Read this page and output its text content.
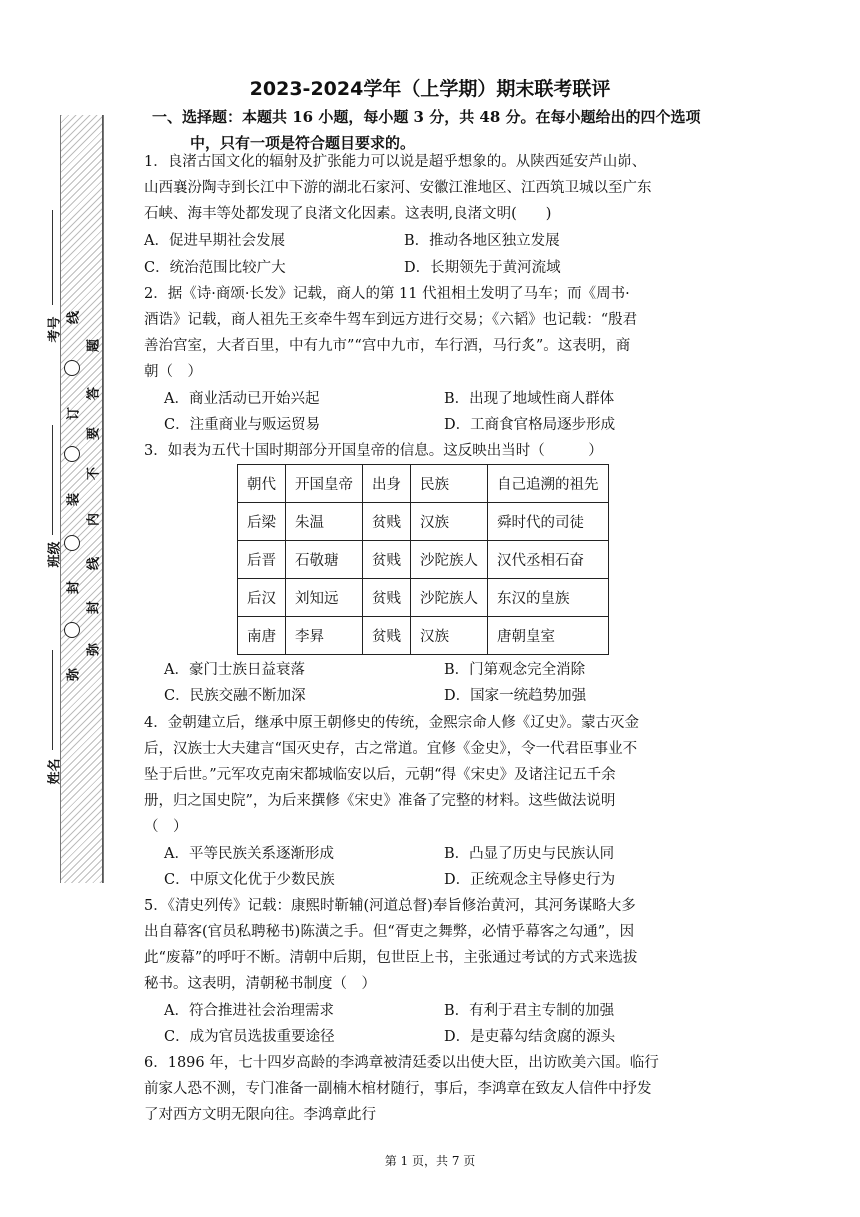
2023-2024学年（上学期）期末联考联评
一、选择题：本题共 16 小题，每小题 3 分，共 48 分。在每小题给出的四个选项
中，只有一项是符合题目要求的。
考号
班级
姓名
线
订
装
封
弥
题
答
要
不
内
线
封
弥
1．良渚古国文化的辐射及扩张能力可以说是超乎想象的。从陕西延安芦山峁、
山西襄汾陶寺到长江中下游的湖北石家河、安徽江淮地区、江西筑卫城以至广东
石峡、海丰等处都发现了良渚文化因素。这表明,良渚文明(　　)
A．促进早期社会发展	B．推动各地区独立发展
C．统治范围比较广大	D．长期领先于黄河流域
2．据《诗·商颂·长发》记载，商人的第 11 代祖相土发明了马车；而《周书·
酒诰》记载，商人祖先王亥牵牛驾车到远方进行交易；《六韬》也记载：“殷君
善治宫室，大者百里，中有九市”“宫中九市，车行酒，马行炙”。这表明，商
朝（　）
A．商业活动已开始兴起	B．出现了地域性商人群体
C．注重商业与贩运贸易	D．工商食官格局逐步形成
3．如表为五代十国时期部分开国皇帝的信息。这反映出当时（　　　）
朝代	开国皇帝	出身	民族	自己追溯的祖先
后梁	朱温	贫贱	汉族	舜时代的司徒
后晋	石敬瑭	贫贱	沙陀族人	汉代丞相石奋
后汉	刘知远	贫贱	沙陀族人	东汉的皇族
南唐	李昪	贫贱	汉族	唐朝皇室
A．豪门士族日益衰落	B．门第观念完全消除
C．民族交融不断加深	D．国家一统趋势加强
4．金朝建立后，继承中原王朝修史的传统，金熙宗命人修《辽史》。蒙古灭金
后，汉族士大夫建言“国灭史存，古之常道。宜修《金史》，令一代君臣事业不
坠于后世。”元军攻克南宋都城临安以后，元朝“得《宋史》及诸注记五千余
册，归之国史院”，为后来撰修《宋史》准备了完整的材料。这些做法说明
（　）
A．平等民族关系逐渐形成	B．凸显了历史与民族认同
C．中原文化优于少数民族	D．正统观念主导修史行为
5．《清史列传》记载：康熙时靳辅(河道总督)奉旨修治黄河，其河务谋略大多
出自幕客(官员私聘秘书)陈潢之手。但“胥吏之舞弊，必情乎幕客之勾通”，因
此“废幕”的呼吁不断。清朝中后期，包世臣上书，主张通过考试的方式来选拔
秘书。这表明，清朝秘书制度（　）
A．符合推进社会治理需求	B．有利于君主专制的加强
C．成为官员选拔重要途径	D．是吏幕勾结贪腐的源头
6．1896 年，七十四岁高龄的李鸿章被清廷委以出使大臣，出访欧美六国。临行
前家人恐不测，专门准备一副楠木棺材随行，事后，李鸿章在致友人信件中抒发
了对西方文明无限向往。李鸿章此行
第 1 页，共 7 页
